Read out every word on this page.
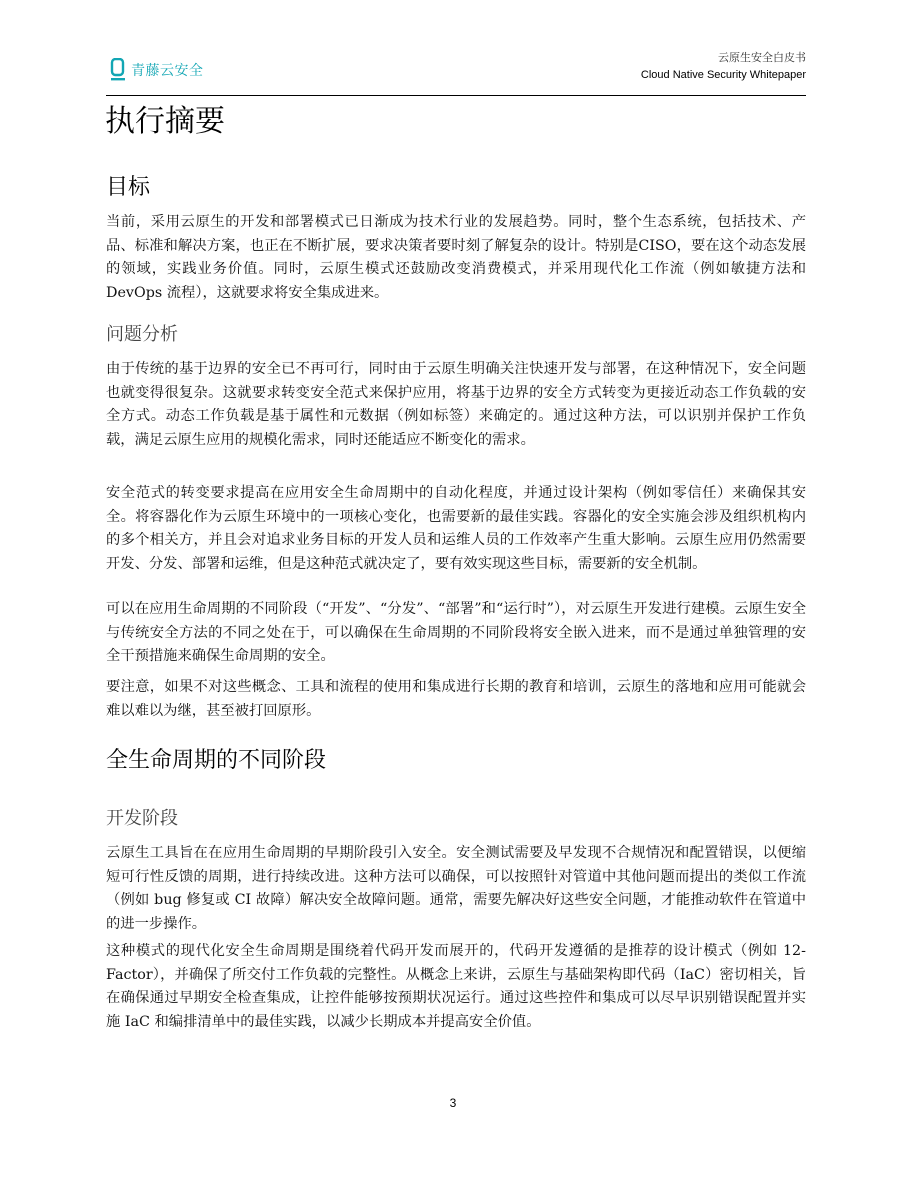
青藤云安全
云原生安全白皮书
Cloud Native Security Whitepaper
执行摘要
目标

当前，采用云原生的开发和部署模式已日渐成为技术行业的发展趋势。同时，整个生态系统，包括技术、产品、标准和解决方案，也正在不断扩展，要求决策者要时刻了解复杂的设计。特别是CISO，要在这个动态发展的领域，实践业务价值。同时，云原生模式还鼓励改变消费模式，并采用现代化工作流（例如敏捷方法和 DevOps 流程），这就要求将安全集成进来。

问题分析

由于传统的基于边界的安全已不再可行，同时由于云原生明确关注快速开发与部署，在这种情况下，安全问题也就变得很复杂。这就要求转变安全范式来保护应用，将基于边界的安全方式转变为更接近动态工作负载的安全方式。动态工作负载是基于属性和元数据（例如标签）来确定的。通过这种方法，可以识别并保护工作负载，满足云原生应用的规模化需求，同时还能适应不断变化的需求。

安全范式的转变要求提高在应用安全生命周期中的自动化程度，并通过设计架构（例如零信任）来确保其安全。将容器化作为云原生环境中的一项核心变化，也需要新的最佳实践。容器化的安全实施会涉及组织机构内的多个相关方，并且会对追求业务目标的开发人员和运维人员的工作效率产生重大影响。云原生应用仍然需要开发、分发、部署和运维，但是这种范式就决定了，要有效实现这些目标，需要新的安全机制。

可以在应用生命周期的不同阶段（“开发”、“分发”、“部署”和“运行时”），对云原生开发进行建模。云原生安全与传统安全方法的不同之处在于，可以确保在生命周期的不同阶段将安全嵌入进来，而不是通过单独管理的安全干预措施来确保生命周期的安全。

要注意，如果不对这些概念、工具和流程的使用和集成进行长期的教育和培训，云原生的落地和应用可能就会难以难以为继，甚至被打回原形。

全生命周期的不同阶段
开发阶段

云原生工具旨在在应用生命周期的早期阶段引入安全。安全测试需要及早发现不合规情况和配置错误，以便缩短可行性反馈的周期，进行持续改进。这种方法可以确保，可以按照针对管道中其他问题而提出的类似工作流（例如 bug 修复或 CI 故障）解决安全故障问题。通常，需要先解决好这些安全问题，才能推动软件在管道中的进一步操作。

这种模式的现代化安全生命周期是围绕着代码开发而展开的，代码开发遵循的是推荐的设计模式（例如 12-Factor），并确保了所交付工作负载的完整性。从概念上来讲，云原生与基础架构即代码（IaC）密切相关，旨在确保通过早期安全检查集成，让控件能够按预期状况运行。通过这些控件和集成可以尽早识别错误配置并实施 IaC 和编排清单中的最佳实践，以减少长期成本并提高安全价值。

3
